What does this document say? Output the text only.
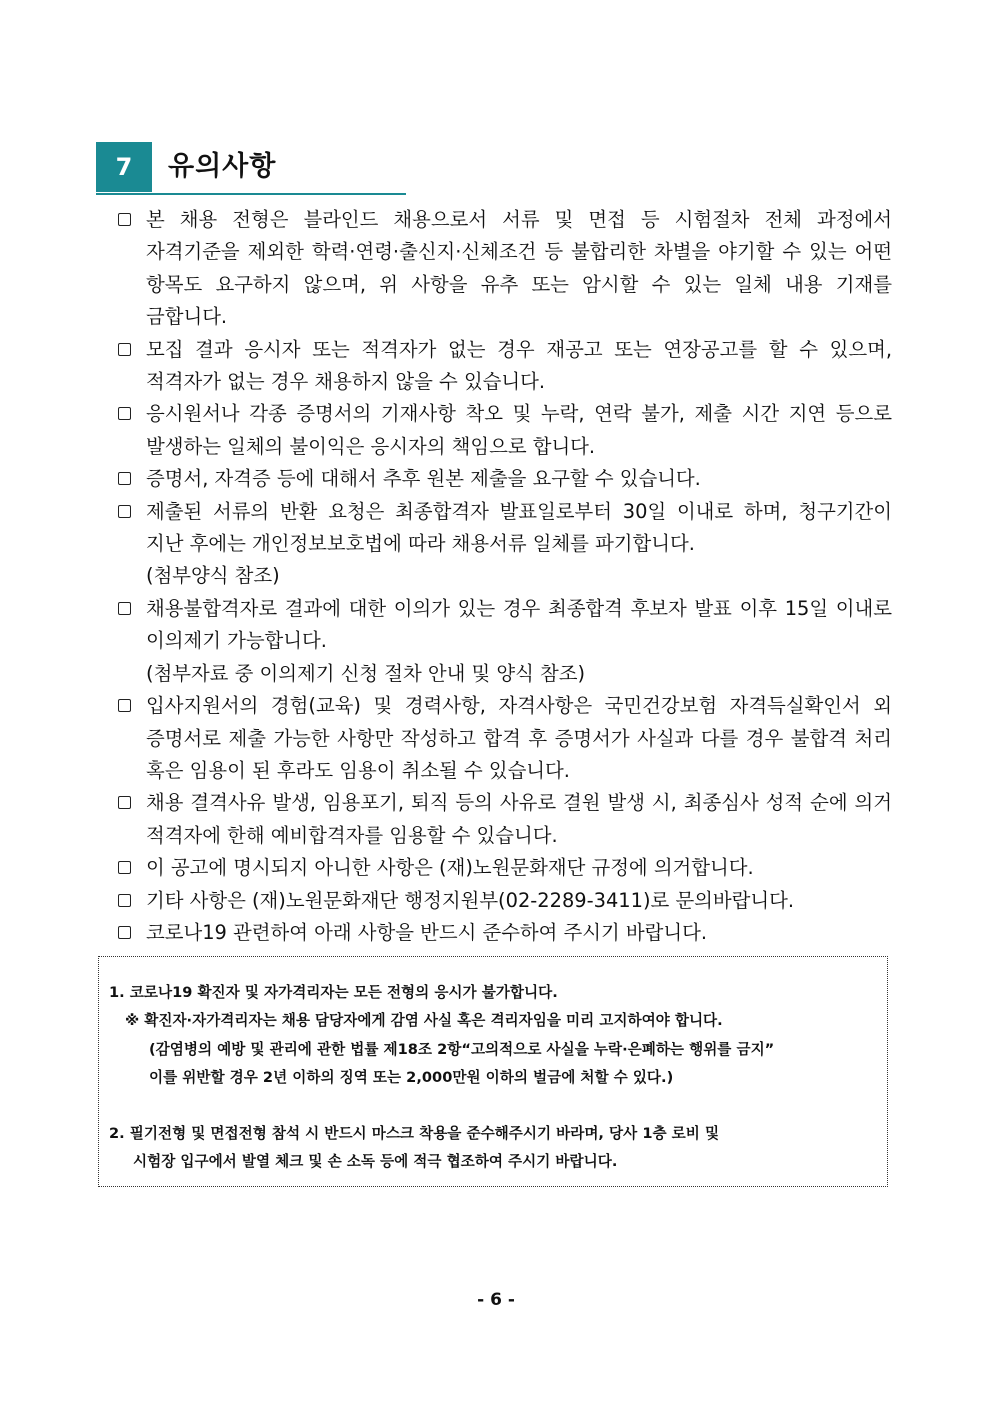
7	유의사항
본 채용 전형은 블라인드 채용으로서 서류 및 면접 등 시험절차 전체 과정에서 자격기준을 제외한 학력·연령·출신지·신체조건 등 불합리한 차별을 야기할 수 있는 어떤 항목도 요구하지 않으며, 위 사항을 유추 또는 암시할 수 있는 일체 내용 기재를 금합니다.
모집 결과 응시자 또는 적격자가 없는 경우 재공고 또는 연장공고를 할 수 있으며, 적격자가 없는 경우 채용하지 않을 수 있습니다.
응시원서나 각종 증명서의 기재사항 착오 및 누락, 연락 불가, 제출 시간 지연 등으로 발생하는 일체의 불이익은 응시자의 책임으로 합니다.
증명서, 자격증 등에 대해서 추후 원본 제출을 요구할 수 있습니다.
제출된 서류의 반환 요청은 최종합격자 발표일로부터 30일 이내로 하며, 청구기간이 지난 후에는 개인정보보호법에 따라 채용서류 일체를 파기합니다.
(첨부양식 참조)
채용불합격자로 결과에 대한 이의가 있는 경우 최종합격 후보자 발표 이후 15일 이내로 이의제기 가능합니다.
(첨부자료 중 이의제기 신청 절차 안내 및 양식 참조)
입사지원서의 경험(교육) 및 경력사항, 자격사항은 국민건강보험 자격득실확인서 외 증명서로 제출 가능한 사항만 작성하고 합격 후 증명서가 사실과 다를 경우 불합격 처리 혹은 임용이 된 후라도 임용이 취소될 수 있습니다.
채용 결격사유 발생, 임용포기, 퇴직 등의 사유로 결원 발생 시, 최종심사 성적 순에 의거 적격자에 한해 예비합격자를 임용할 수 있습니다.
이 공고에 명시되지 아니한 사항은 (재)노원문화재단 규정에 의거합니다.
기타 사항은 (재)노원문화재단 행정지원부(02-2289-3411)로 문의바랍니다.
코로나19 관련하여 아래 사항을 반드시 준수하여 주시기 바랍니다.
1. 코로나19 확진자 및 자가격리자는 모든 전형의 응시가 불가합니다.
※ 확진자·자가격리자는 채용 담당자에게 감염 사실 혹은 격리자임을 미리 고지하여야 합니다.
(감염병의 예방 및 관리에 관한 법률 제18조 2항“고의적으로 사실을 누락·은폐하는 행위를 금지”
이를 위반할 경우 2년 이하의 징역 또는 2,000만원 이하의 벌금에 처할 수 있다.)
2. 필기전형 및 면접전형 참석 시 반드시 마스크 착용을 준수해주시기 바라며, 당사 1층 로비 및
시험장 입구에서 발열 체크 및 손 소독 등에 적극 협조하여 주시기 바랍니다.
- 6 -
